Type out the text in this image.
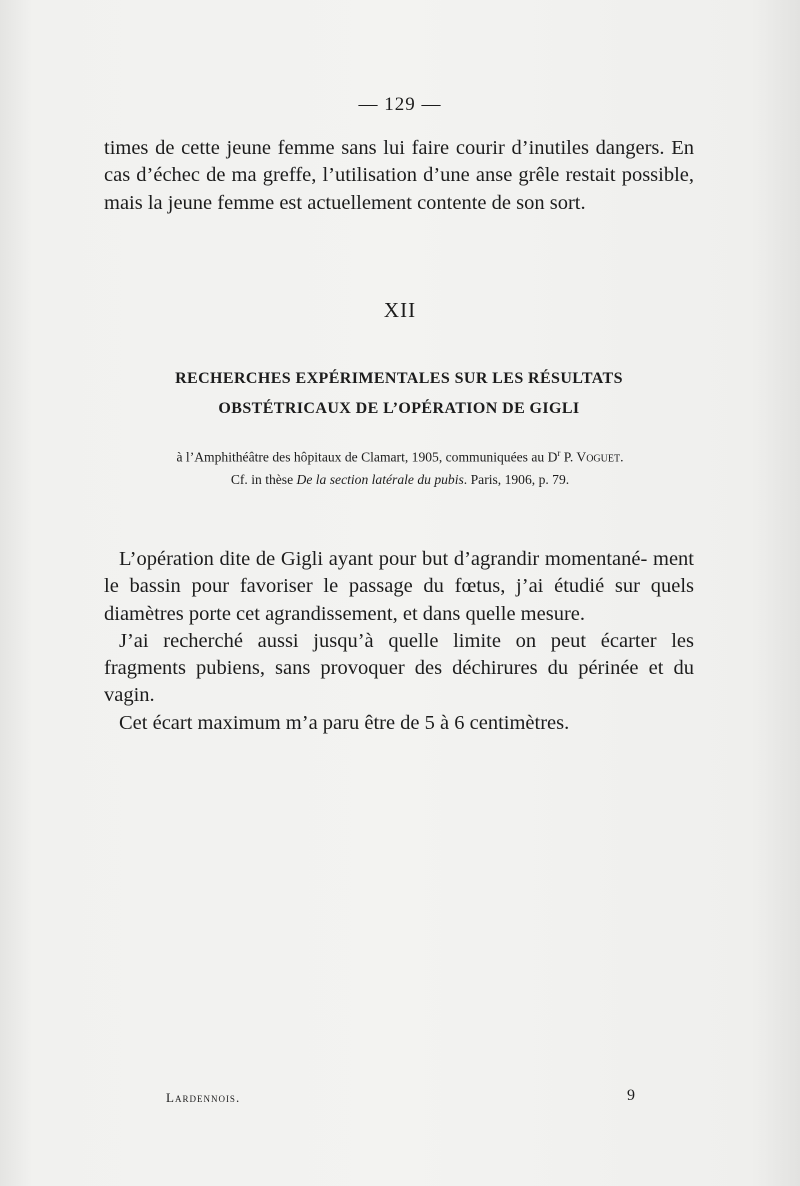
— 129 —

times de cette jeune femme sans lui faire courir d’inutiles dangers. En cas d’échec de ma greffe, l’utilisation d’une anse grêle restait possible, mais la jeune femme est actuellement contente de son sort.

XII
RECHERCHES EXPÉRIMENTALES SUR LES RÉSULTATS
OBSTÉTRICAUX DE L’OPÉRATION DE GIGLI
à l’Amphithéâtre des hôpitaux de Clamart, 1905, communiquées au $D^r$ P. Voguet.
Cf. in thèse De la section latérale du pubis. Paris, 1906, p. 79.

L’opération dite de Gigli ayant pour but d’agrandir momentané- ment le bassin pour favoriser le passage du fœtus, j’ai étudié sur quels diamètres porte cet agrandissement, et dans quelle mesure.

J’ai recherché aussi jusqu’à quelle limite on peut écarter les fragments pubiens, sans provoquer des déchirures du périnée et du vagin.

Cet écart maximum m’a paru être de 5 à 6 centimètres.

Lardennois.	9
